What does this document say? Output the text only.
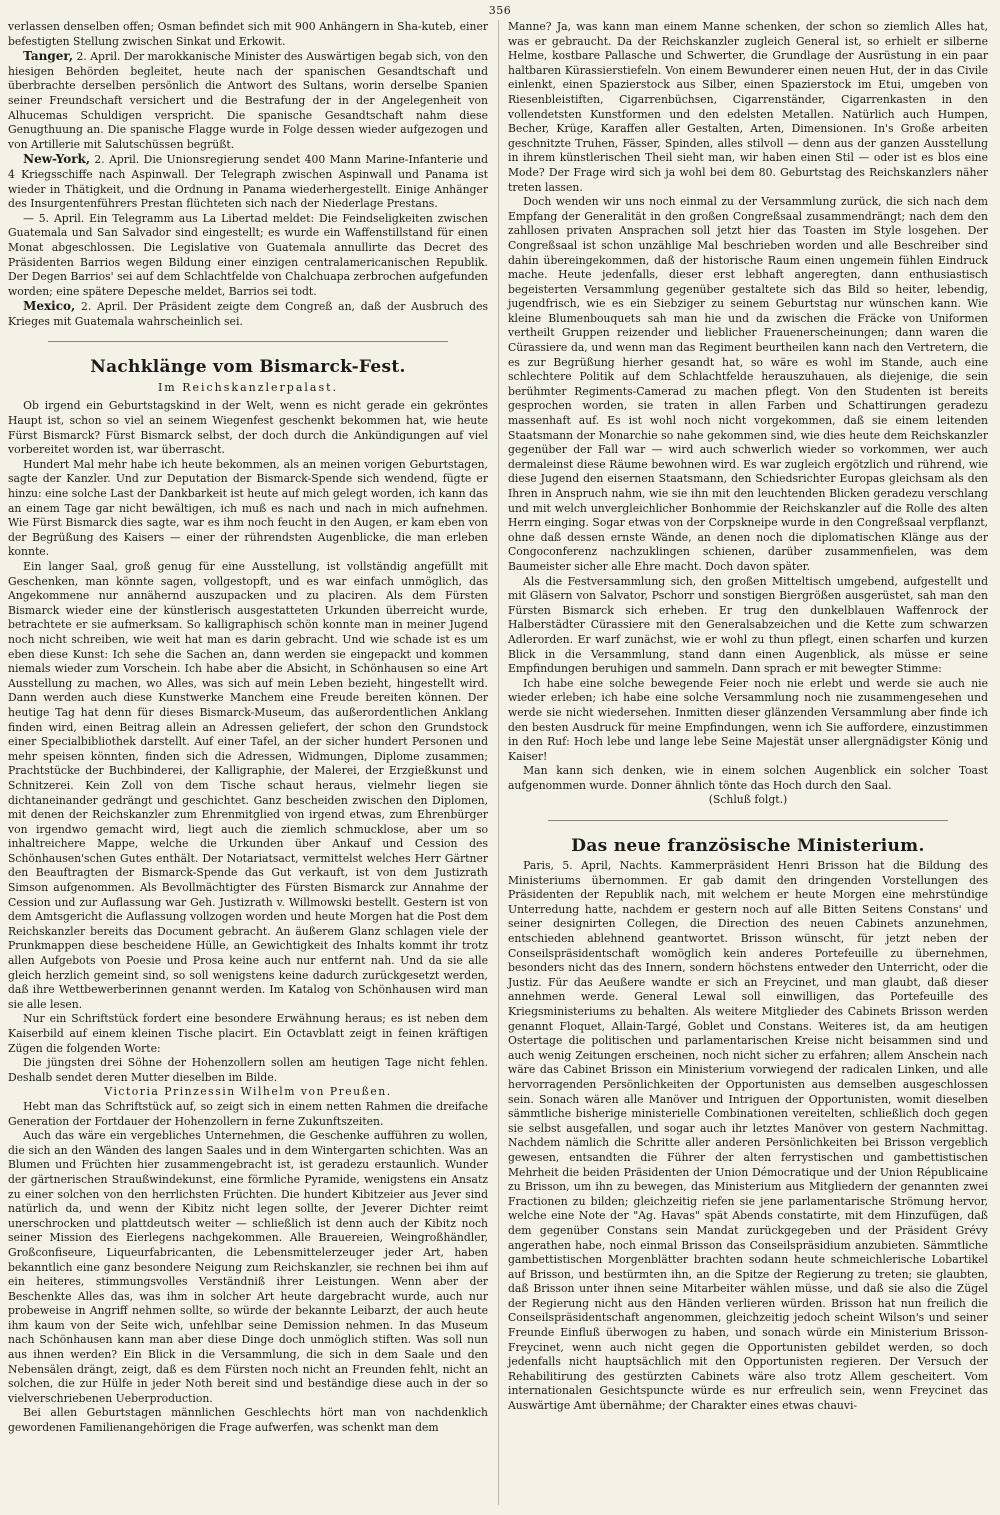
356

verlassen denselben offen; Osman befindet sich mit 900 Anhängern in Sha-kuteb, einer befestigten Stellung zwischen Sinkat und Erkowit.

Tanger, 2. April. Der marokkanische Minister des Auswärtigen begab sich, von den hiesigen Behörden begleitet, heute nach der spanischen Gesandtschaft und überbrachte derselben persönlich die Antwort des Sultans, worin derselbe Spanien seiner Freundschaft versichert und die Bestrafung der in der Angelegenheit von Alhucemas Schuldigen verspricht. Die spanische Gesandtschaft nahm diese Genugthuung an. Die spanische Flagge wurde in Folge dessen wieder aufgezogen und von Artillerie mit Salutschüssen begrüßt.

New-York, 2. April. Die Unionsregierung sendet 400 Mann Marine-Infanterie und 4 Kriegsschiffe nach Aspinwall. Der Telegraph zwischen Aspinwall und Panama ist wieder in Thätigkeit, und die Ordnung in Panama wiederhergestellt. Einige Anhänger des Insurgentenführers Prestan flüchteten sich nach der Niederlage Prestans.

— 5. April. Ein Telegramm aus La Libertad meldet: Die Feindseligkeiten zwischen Guatemala und San Salvador sind eingestellt; es wurde ein Waffenstillstand für einen Monat abgeschlossen. Die Legislative von Guatemala annullirte das Decret des Präsidenten Barrios wegen Bildung einer einzigen centralamericanischen Republik. Der Degen Barrios' sei auf dem Schlachtfelde von Chalchuapa zerbrochen aufgefunden worden; eine spätere Depesche meldet, Barrios sei todt.

Mexico, 2. April. Der Präsident zeigte dem Congreß an, daß der Ausbruch des Krieges mit Guatemala wahrscheinlich sei.

Nachklänge vom Bismarck-Fest.
Im Reichskanzlerpalast.

Ob irgend ein Geburtstagskind in der Welt, wenn es nicht gerade ein gekröntes Haupt ist, schon so viel an seinem Wiegenfest geschenkt bekommen hat, wie heute Fürst Bismarck? Fürst Bismarck selbst, der doch durch die Ankündigungen auf viel vorbereitet worden ist, war überrascht.

Hundert Mal mehr habe ich heute bekommen, als an meinen vorigen Geburtstagen, sagte der Kanzler. Und zur Deputation der Bismarck-Spende sich wendend, fügte er hinzu: eine solche Last der Dankbarkeit ist heute auf mich gelegt worden, ich kann das an einem Tage gar nicht bewältigen, ich muß es nach und nach in mich aufnehmen. Wie Fürst Bismarck dies sagte, war es ihm noch feucht in den Augen, er kam eben von der Begrüßung des Kaisers — einer der rührendsten Augenblicke, die man erleben konnte.

Ein langer Saal, groß genug für eine Ausstellung, ist vollständig angefüllt mit Geschenken, man könnte sagen, vollgestopft, und es war einfach unmöglich, das Angekommene nur annähernd auszupacken und zu placiren. Als dem Fürsten Bismarck wieder eine der künstlerisch ausgestatteten Urkunden überreicht wurde, betrachtete er sie aufmerksam. So kalligraphisch schön konnte man in meiner Jugend noch nicht schreiben, wie weit hat man es darin gebracht. Und wie schade ist es um eben diese Kunst: Ich sehe die Sachen an, dann werden sie eingepackt und kommen niemals wieder zum Vorschein. Ich habe aber die Absicht, in Schönhausen so eine Art Ausstellung zu machen, wo Alles, was sich auf mein Leben bezieht, hingestellt wird. Dann werden auch diese Kunstwerke Manchem eine Freude bereiten können. Der heutige Tag hat denn für dieses Bismarck-Museum, das außerordentlichen Anklang finden wird, einen Beitrag allein an Adressen geliefert, der schon den Grundstock einer Specialbibliothek darstellt. Auf einer Tafel, an der sicher hundert Personen und mehr speisen könnten, finden sich die Adressen, Widmungen, Diplome zusammen; Prachtstücke der Buchbinderei, der Kalligraphie, der Malerei, der Erzgießkunst und Schnitzerei. Kein Zoll von dem Tische schaut heraus, vielmehr liegen sie dichtaneinander gedrängt und geschichtet. Ganz bescheiden zwischen den Diplomen, mit denen der Reichskanzler zum Ehrenmitglied von irgend etwas, zum Ehrenbürger von irgendwo gemacht wird, liegt auch die ziemlich schmucklose, aber um so inhaltreichere Mappe, welche die Urkunden über Ankauf und Cession des Schönhausen'schen Gutes enthält. Der Notariatsact, vermittelst welches Herr Gärtner den Beauftragten der Bismarck-Spende das Gut verkauft, ist von dem Justizrath Simson aufgenommen. Als Bevollmächtigter des Fürsten Bismarck zur Annahme der Cession und zur Auflassung war Geh. Justizrath v. Willmowski bestellt. Gestern ist von dem Amtsgericht die Auflassung vollzogen worden und heute Morgen hat die Post dem Reichskanzler bereits das Document gebracht. An äußerem Glanz schlagen viele der Prunkmappen diese bescheidene Hülle, an Gewichtigkeit des Inhalts kommt ihr trotz allen Aufgebots von Poesie und Prosa keine auch nur entfernt nah. Und da sie alle gleich herzlich gemeint sind, so soll wenigstens keine dadurch zurückgesetzt werden, daß ihre Wettbewerberinnen genannt werden. Im Katalog von Schönhausen wird man sie alle lesen.

Nur ein Schriftstück fordert eine besondere Erwähnung heraus; es ist neben dem Kaiserbild auf einem kleinen Tische placirt. Ein Octavblatt zeigt in feinen kräftigen Zügen die folgenden Worte:

Die jüngsten drei Söhne der Hohenzollern sollen am heutigen Tage nicht fehlen. Deshalb sendet deren Mutter dieselben im Bilde.

Victoria Prinzessin Wilhelm von Preußen.

Hebt man das Schriftstück auf, so zeigt sich in einem netten Rahmen die dreifache Generation der Fortdauer der Hohenzollern in ferne Zukunftszeiten.

Auch das wäre ein vergebliches Unternehmen, die Geschenke aufführen zu wollen, die sich an den Wänden des langen Saales und in dem Wintergarten schichten. Was an Blumen und Früchten hier zusammengebracht ist, ist geradezu erstaunlich. Wunder der gärtnerischen Straußwindekunst, eine förmliche Pyramide, wenigstens ein Ansatz zu einer solchen von den herrlichsten Früchten. Die hundert Kibitzeier aus Jever sind natürlich da, und wenn der Kibitz nicht legen sollte, der Jeverer Dichter reimt unerschrocken und plattdeutsch weiter — schließlich ist denn auch der Kibitz noch seiner Mission des Eierlegens nachgekommen. Alle Brauereien, Weingroßhändler, Großconfiseure, Liqueurfabricanten, die Lebensmittelerzeuger jeder Art, haben bekanntlich eine ganz besondere Neigung zum Reichskanzler, sie rechnen bei ihm auf ein heiteres, stimmungsvolles Verständniß ihrer Leistungen. Wenn aber der Beschenkte Alles das, was ihm in solcher Art heute dargebracht wurde, auch nur probeweise in Angriff nehmen sollte, so würde der bekannte Leibarzt, der auch heute ihm kaum von der Seite wich, unfehlbar seine Demission nehmen. In das Museum nach Schönhausen kann man aber diese Dinge doch unmöglich stiften. Was soll nun aus ihnen werden? Ein Blick in die Versammlung, die sich in dem Saale und den Nebensälen drängt, zeigt, daß es dem Fürsten noch nicht an Freunden fehlt, nicht an solchen, die zur Hülfe in jeder Noth bereit sind und beständige diese auch in der so vielverschriebenen Ueberproduction.

Bei allen Geburtstagen männlichen Geschlechts hört man von nachdenklich gewordenen Familienangehörigen die Frage aufwerfen, was schenkt man dem

Manne? Ja, was kann man einem Manne schenken, der schon so ziemlich Alles hat, was er gebraucht. Da der Reichskanzler zugleich General ist, so erhielt er silberne Helme, kostbare Pallasche und Schwerter, die Grundlage der Ausrüstung in ein paar haltbaren Kürassierstiefeln. Von einem Bewunderer einen neuen Hut, der in das Civile einlenkt, einen Spazierstock aus Silber, einen Spazierstock im Etui, umgeben von Riesenbleistiften, Cigarrenbüchsen, Cigarrenständer, Cigarrenkasten in den vollendetsten Kunstformen und den edelsten Metallen. Natürlich auch Humpen, Becher, Krüge, Karaffen aller Gestalten, Arten, Dimensionen. In's Große arbeiten geschnitzte Truhen, Fässer, Spinden, alles stilvoll — denn aus der ganzen Ausstellung in ihrem künstlerischen Theil sieht man, wir haben einen Stil — oder ist es blos eine Mode? Der Frage wird sich ja wohl bei dem 80. Geburtstag des Reichskanzlers näher treten lassen.

Doch wenden wir uns noch einmal zu der Versammlung zurück, die sich nach dem Empfang der Generalität in den großen Congreßsaal zusammendrängt; nach dem den zahllosen privaten Ansprachen soll jetzt hier das Toasten im Style losgehen. Der Congreßsaal ist schon unzählige Mal beschrieben worden und alle Beschreiber sind dahin übereingekommen, daß der historische Raum einen ungemein fühlen Eindruck mache. Heute jedenfalls, dieser erst lebhaft angeregten, dann enthusiastisch begeisterten Versammlung gegenüber gestaltete sich das Bild so heiter, lebendig, jugendfrisch, wie es ein Siebziger zu seinem Geburtstag nur wünschen kann. Wie kleine Blumenbouquets sah man hie und da zwischen die Fräcke von Uniformen vertheilt Gruppen reizender und lieblicher Frauenerscheinungen; dann waren die Cürassiere da, und wenn man das Regiment beurtheilen kann nach den Vertretern, die es zur Begrüßung hierher gesandt hat, so wäre es wohl im Stande, auch eine schlechtere Politik auf dem Schlachtfelde herauszuhauen, als diejenige, die sein berühmter Regiments-Camerad zu machen pflegt. Von den Studenten ist bereits gesprochen worden, sie traten in allen Farben und Schattirungen geradezu massenhaft auf. Es ist wohl noch nicht vorgekommen, daß sie einem leitenden Staatsmann der Monarchie so nahe gekommen sind, wie dies heute dem Reichskanzler gegenüber der Fall war — wird auch schwerlich wieder so vorkommen, wer auch dermaleinst diese Räume bewohnen wird. Es war zugleich ergötzlich und rührend, wie diese Jugend den eisernen Staatsmann, den Schiedsrichter Europas gleichsam als den Ihren in Anspruch nahm, wie sie ihn mit den leuchtenden Blicken geradezu verschlang und mit welch unvergleichlicher Bonhommie der Reichskanzler auf die Rolle des alten Herrn einging. Sogar etwas von der Corpskneipe wurde in den Congreßsaal verpflanzt, ohne daß dessen ernste Wände, an denen noch die diplomatischen Klänge aus der Congoconferenz nachzuklingen schienen, darüber zusammenfielen, was dem Baumeister sicher alle Ehre macht. Doch davon später.

Als die Festversammlung sich, den großen Mitteltisch umgebend, aufgestellt und mit Gläsern von Salvator, Pschorr und sonstigen Biergrößen ausgerüstet, sah man den Fürsten Bismarck sich erheben. Er trug den dunkelblauen Waffenrock der Halberstädter Cürassiere mit den Generalsabzeichen und die Kette zum schwarzen Adlerorden. Er warf zunächst, wie er wohl zu thun pflegt, einen scharfen und kurzen Blick in die Versammlung, stand dann einen Augenblick, als müsse er seine Empfindungen beruhigen und sammeln. Dann sprach er mit bewegter Stimme:

Ich habe eine solche bewegende Feier noch nie erlebt und werde sie auch nie wieder erleben; ich habe eine solche Versammlung noch nie zusammengesehen und werde sie nicht wiedersehen. Inmitten dieser glänzenden Versammlung aber finde ich den besten Ausdruck für meine Empfindungen, wenn ich Sie auffordere, einzustimmen in den Ruf: Hoch lebe und lange lebe Seine Majestät unser allergnädigster König und Kaiser!

Man kann sich denken, wie in einem solchen Augenblick ein solcher Toast aufgenommen wurde. Donner ähnlich tönte das Hoch durch den Saal.

(Schluß folgt.)

Das neue französische Ministerium.

Paris, 5. April, Nachts. Kammerpräsident Henri Brisson hat die Bildung des Ministeriums übernommen. Er gab damit den dringenden Vorstellungen des Präsidenten der Republik nach, mit welchem er heute Morgen eine mehrstündige Unterredung hatte, nachdem er gestern noch auf alle Bitten Seitens Constans' und seiner designirten Collegen, die Direction des neuen Cabinets anzunehmen, entschieden ablehnend geantwortet. Brisson wünscht, für jetzt neben der Conseilspräsidentschaft womöglich kein anderes Portefeuille zu übernehmen, besonders nicht das des Innern, sondern höchstens entweder den Unterricht, oder die Justiz. Für das Aeußere wandte er sich an Freycinet, und man glaubt, daß dieser annehmen werde. General Lewal soll einwilligen, das Portefeuille des Kriegsministeriums zu behalten. Als weitere Mitglieder des Cabinets Brisson werden genannt Floquet, Allain-Targé, Goblet und Constans. Weiteres ist, da am heutigen Ostertage die politischen und parlamentarischen Kreise nicht beisammen sind und auch wenig Zeitungen erscheinen, noch nicht sicher zu erfahren; allem Anschein nach wäre das Cabinet Brisson ein Ministerium vorwiegend der radicalen Linken, und alle hervorragenden Persönlichkeiten der Opportunisten aus demselben ausgeschlossen sein. Sonach wären alle Manöver und Intriguen der Opportunisten, womit dieselben sämmtliche bisherige ministerielle Combinationen vereitelten, schließlich doch gegen sie selbst ausgefallen, und sogar auch ihr letztes Manöver von gestern Nachmittag. Nachdem nämlich die Schritte aller anderen Persönlichkeiten bei Brisson vergeblich gewesen, entsandten die Führer der alten ferrystischen und gambettistischen Mehrheit die beiden Präsidenten der Union Démocratique und der Union Républicaine zu Brisson, um ihn zu bewegen, das Ministerium aus Mitgliedern der genannten zwei Fractionen zu bilden; gleichzeitig riefen sie jene parlamentarische Strömung hervor, welche eine Note der "Ag. Havas" spät Abends constatirte, mit dem Hinzufügen, daß dem gegenüber Constans sein Mandat zurückgegeben und der Präsident Grévy angerathen habe, noch einmal Brisson das Conseilspräsidium anzubieten. Sämmtliche gambettistischen Morgenblätter brachten sodann heute schmeichlerische Lobartikel auf Brisson, und bestürmten ihn, an die Spitze der Regierung zu treten; sie glaubten, daß Brisson unter ihnen seine Mitarbeiter wählen müsse, und daß sie also die Zügel der Regierung nicht aus den Händen verlieren würden. Brisson hat nun freilich die Conseilspräsidentschaft angenommen, gleichzeitig jedoch scheint Wilson's und seiner Freunde Einfluß überwogen zu haben, und sonach würde ein Ministerium Brisson-Freycinet, wenn auch nicht gegen die Opportunisten gebildet werden, so doch jedenfalls nicht hauptsächlich mit den Opportunisten regieren. Der Versuch der Rehabilitirung des gestürzten Cabinets wäre also trotz Allem gescheitert. Vom internationalen Gesichtspuncte würde es nur erfreulich sein, wenn Freycinet das Auswärtige Amt übernähme; der Charakter eines etwas chauvi-
